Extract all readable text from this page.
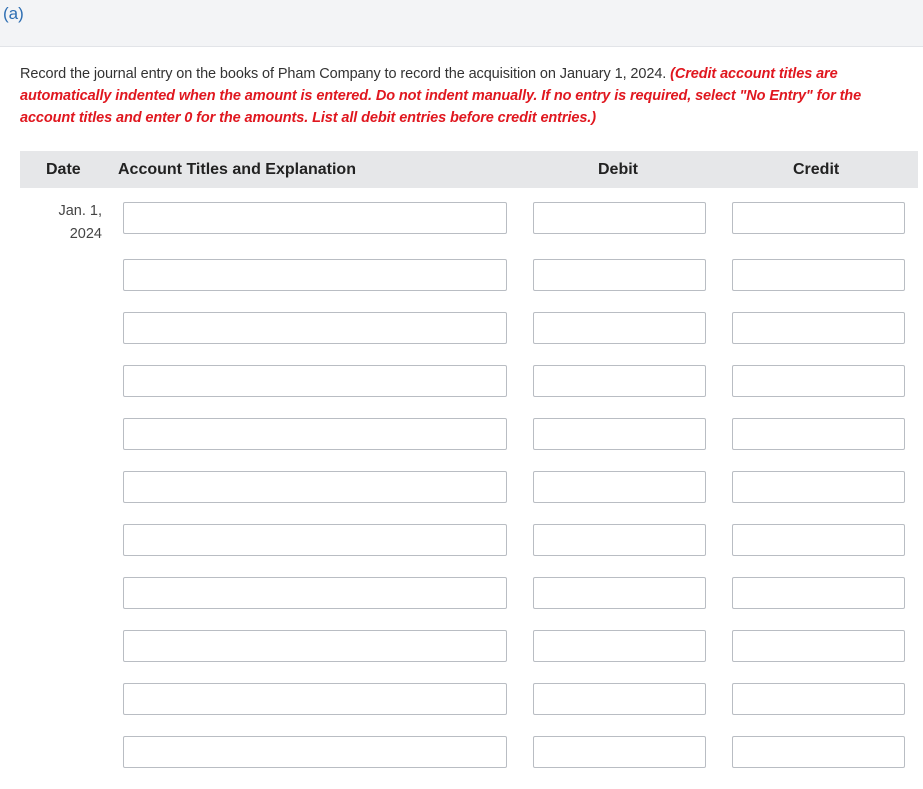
(a)
Record the journal entry on the books of Pham Company to record the acquisition on January 1, 2024. (Credit account titles are automatically indented when the amount is entered. Do not indent manually. If no entry is required, select "No Entry" for the account titles and enter 0 for the amounts. List all debit entries before credit entries.)
Date Account Titles and Explanation	Debit	Credit
Jan. 1,
2024
